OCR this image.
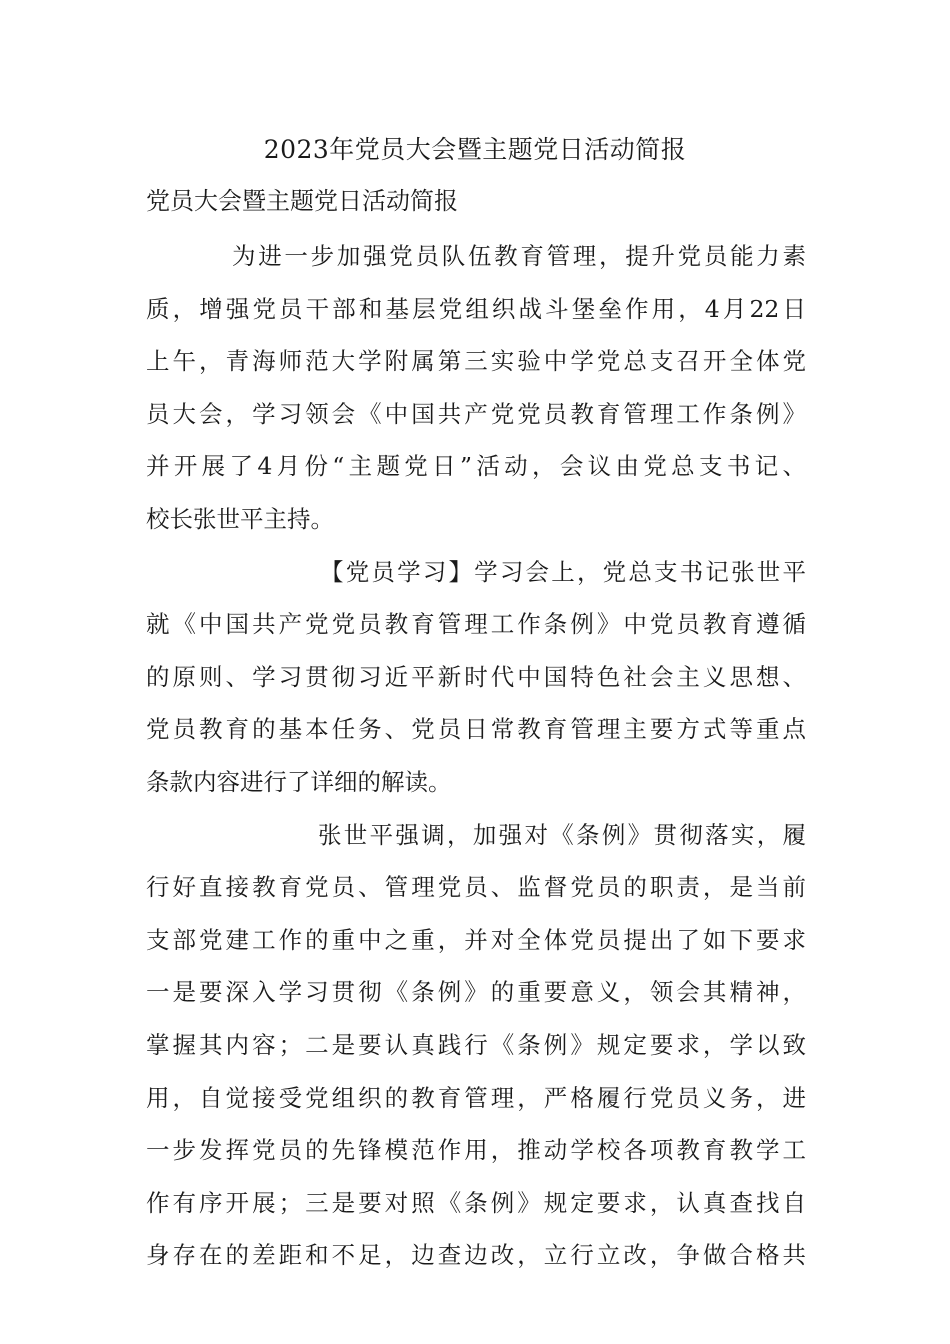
2023年党员大会暨主题党日活动简报
党员大会暨主题党日活动简报
为进一步加强党员队伍教育管理，提升党员能力素
质，增强党员干部和基层党组织战斗堡垒作用，4月22日
上午，青海师范大学附属第三实验中学党总支召开全体党
员大会，学习领会《中国共产党党员教育管理工作条例》
并开展了4月份“主题党日”活动，会议由党总支书记、
校长张世平主持。
【党员学习】学习会上，党总支书记张世平
就《中国共产党党员教育管理工作条例》中党员教育遵循
的原则、学习贯彻习近平新时代中国特色社会主义思想、
党员教育的基本任务、党员日常教育管理主要方式等重点
条款内容进行了详细的解读。
张世平强调，加强对《条例》贯彻落实，履
行好直接教育党员、管理党员、监督党员的职责，是当前
支部党建工作的重中之重，并对全体党员提出了如下要求
一是要深入学习贯彻《条例》的重要意义，领会其精神，
掌握其内容；二是要认真践行《条例》规定要求，学以致
用，自觉接受党组织的教育管理，严格履行党员义务，进
一步发挥党员的先锋模范作用，推动学校各项教育教学工
作有序开展；三是要对照《条例》规定要求，认真查找自
身存在的差距和不足，边查边改，立行立改，争做合格共
